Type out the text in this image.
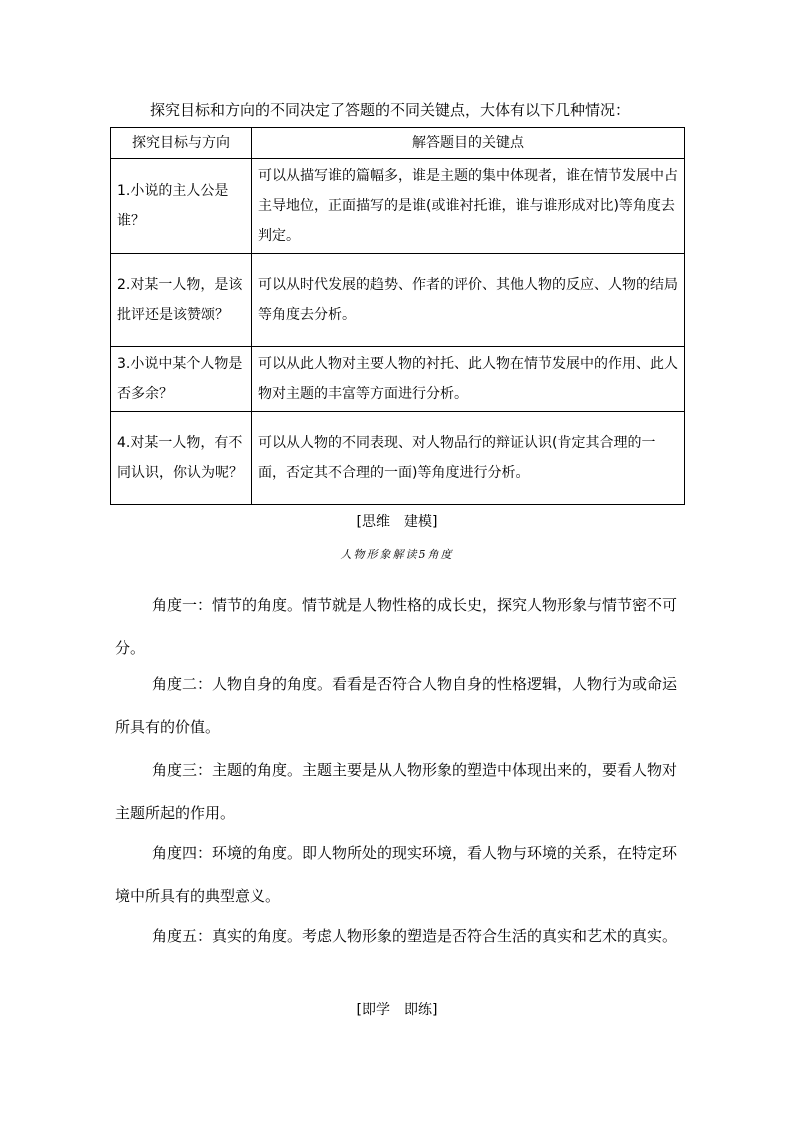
探究目标和方向的不同决定了答题的不同关键点，大体有以下几种情况：
探究目标与方向	解答题目的关键点
1.小说的主人公是谁？	可以从描写谁的篇幅多，谁是主题的集中体现者，谁在情节发展中占主导地位，正面描写的是谁(或谁衬托谁，谁与谁形成对比)等角度去判定。
2.对某一人物，是该批评还是该赞颂？	可以从时代发展的趋势、作者的评价、其他人物的反应、人物的结局等角度去分析。
3.小说中某个人物是否多余？	可以从此人物对主要人物的衬托、此人物在情节发展中的作用、此人物对主题的丰富等方面进行分析。
4.对某一人物，有不同认识，你认为呢？	可以从人物的不同表现、对人物品行的辩证认识(肯定其合理的一面，否定其不合理的一面)等角度进行分析。
[思维　建模]
人物形象解读5角度

角度一：情节的角度。情节就是人物性格的成长史，探究人物形象与情节密不可分。

角度二：人物自身的角度。看看是否符合人物自身的性格逻辑，人物行为或命运所具有的价值。

角度三：主题的角度。主题主要是从人物形象的塑造中体现出来的，要看人物对主题所起的作用。

角度四：环境的角度。即人物所处的现实环境，看人物与环境的关系，在特定环境中所具有的典型意义。

角度五：真实的角度。考虑人物形象的塑造是否符合生活的真实和艺术的真实。

[即学　即练]
